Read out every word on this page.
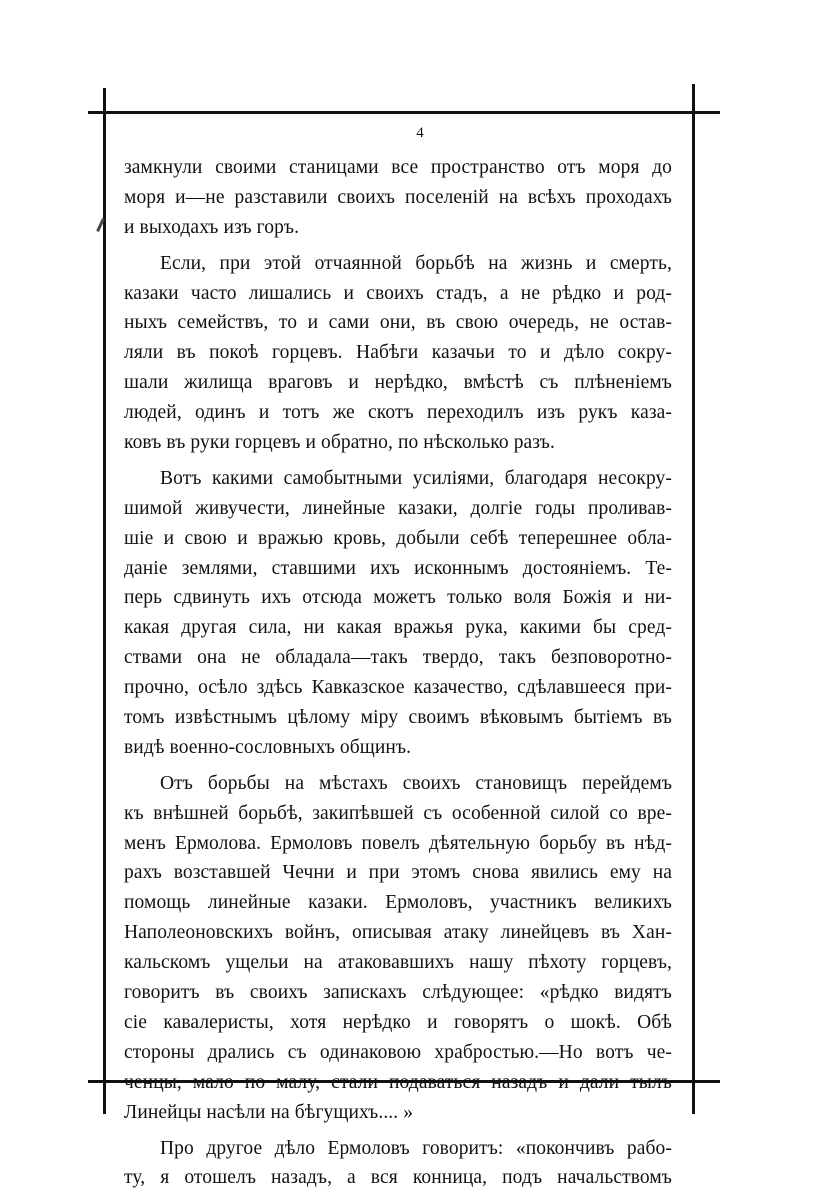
4
замкнули своими станицами все пространство отъ моря до
моря и—не разставили своихъ поселеній на всѣхъ проходахъ
и выходахъ изъ горъ.
Если, при этой отчаянной борьбѣ на жизнь и смерть,
казаки часто лишались и своихъ стадъ, а не рѣдко и род-
ныхъ семействъ, то и сами они, въ свою очередь, не остав-
ляли въ покоѣ горцевъ. Набѣги казачьи то и дѣло сокру-
шали жилища враговъ и нерѣдко, вмѣстѣ съ плѣненіемъ
людей, одинъ и тотъ же скотъ переходилъ изъ рукъ каза-
ковъ въ руки горцевъ и обратно, по нѣсколько разъ.
Вотъ какими самобытными усиліями, благодаря несокру-
шимой живучести, линейные казаки, долгіе годы проливав-
шіе и свою и вражью кровь, добыли себѣ теперешнее обла-
даніе землями, ставшими ихъ исконнымъ достояніемъ. Те-
перь сдвинуть ихъ отсюда можетъ только воля Божія и ни-
какая другая сила, ни какая вражья рука, какими бы сред-
ствами она не обладала—такъ твердо, такъ безповоротно-
прочно, осѣло здѣсь Кавказское казачество, сдѣлавшееся при-
томъ извѣстнымъ цѣлому міру своимъ вѣковымъ бытіемъ въ
видѣ военно-сословныхъ общинъ.
Отъ борьбы на мѣстахъ своихъ становищъ перейдемъ
къ внѣшней борьбѣ, закипѣвшей съ особенной силой со вре-
менъ Ермолова. Ермоловъ повелъ дѣятельную борьбу въ нѣд-
рахъ возставшей Чечни и при этомъ снова явились ему на
помощь линейные казаки. Ермоловъ, участникъ великихъ
Наполеоновскихъ войнъ, описывая атаку линейцевъ въ Хан-
кальскомъ ущельи на атаковавшихъ нашу пѣхоту горцевъ,
говоритъ въ своихъ запискахъ слѣдующее: «рѣдко видятъ
сіе кавалеристы, хотя нерѣдко и говорятъ о шокѣ. Обѣ
стороны дрались съ одинаковою храбростью.—Но вотъ че-
ченцы, мало по малу, стали подаваться назадъ и дали тылъ
Линейцы насѣли на бѣгущихъ.... »
Про другое дѣло Ермоловъ говоритъ: «покончивъ рабо-
ту, я отошелъ назадъ, а вся конница, подъ начальствомъ
